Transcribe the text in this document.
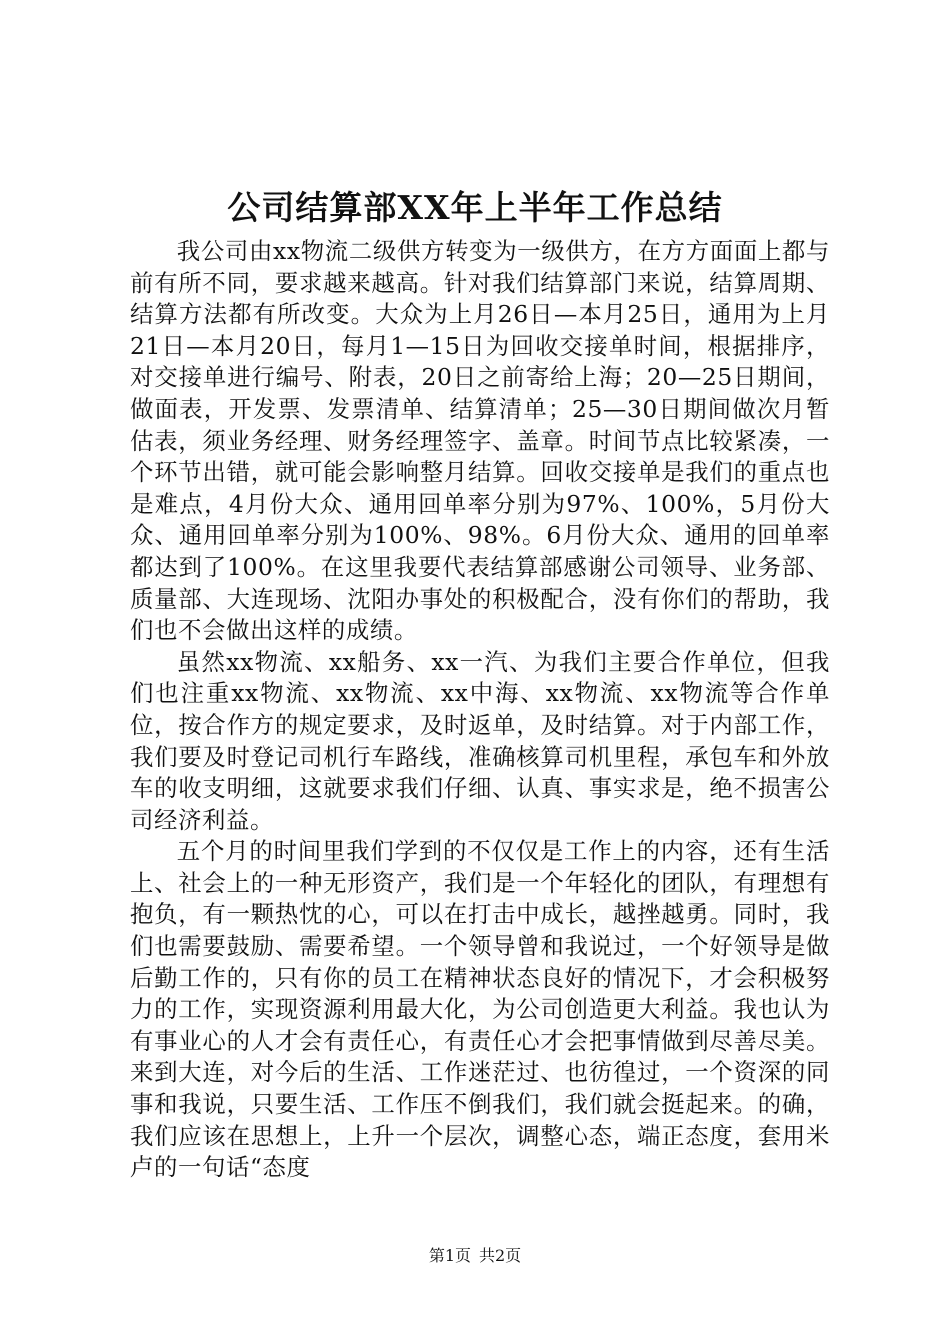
公司结算部XX年上半年工作总结

我公司由xx物流二级供方转变为一级供方，在方方面面上都与前有所不同，要求越来越高。针对我们结算部门来说，结算周期、结算方法都有所改变。大众为上月26日—本月25日，通用为上月21日—本月20日，每月1—15日为回收交接单时间，根据排序，对交接单进行编号、附表，20日之前寄给上海；20—25日期间，做面表，开发票、发票清单、结算清单；25—30日期间做次月暂估表，须业务经理、财务经理签字、盖章。时间节点比较紧凑，一个环节出错，就可能会影响整月结算。回收交接单是我们的重点也是难点，4月份大众、通用回单率分别为97%、100%，5月份大众、通用回单率分别为100%、98%。6月份大众、通用的回单率都达到了100%。在这里我要代表结算部感谢公司领导、业务部、质量部、大连现场、沈阳办事处的积极配合，没有你们的帮助，我们也不会做出这样的成绩。

虽然xx物流、xx船务、xx一汽、为我们主要合作单位，但我们也注重xx物流、xx物流、xx中海、xx物流、xx物流等合作单位，按合作方的规定要求，及时返单，及时结算。对于内部工作，我们要及时登记司机行车路线，准确核算司机里程，承包车和外放车的收支明细，这就要求我们仔细、认真、事实求是，绝不损害公司经济利益。

五个月的时间里我们学到的不仅仅是工作上的内容，还有生活上、社会上的一种无形资产，我们是一个年轻化的团队，有理想有抱负，有一颗热忱的心，可以在打击中成长，越挫越勇。同时，我们也需要鼓励、需要希望。一个领导曾和我说过，一个好领导是做后勤工作的，只有你的员工在精神状态良好的情况下，才会积极努力的工作，实现资源利用最大化，为公司创造更大利益。我也认为有事业心的人才会有责任心，有责任心才会把事情做到尽善尽美。来到大连，对今后的生活、工作迷茫过、也彷徨过，一个资深的同事和我说，只要生活、工作压不倒我们，我们就会挺起来。的确，我们应该在思想上，上升一个层次，调整心态，端正态度，套用米卢的一句话“态度

第1页 共2页
